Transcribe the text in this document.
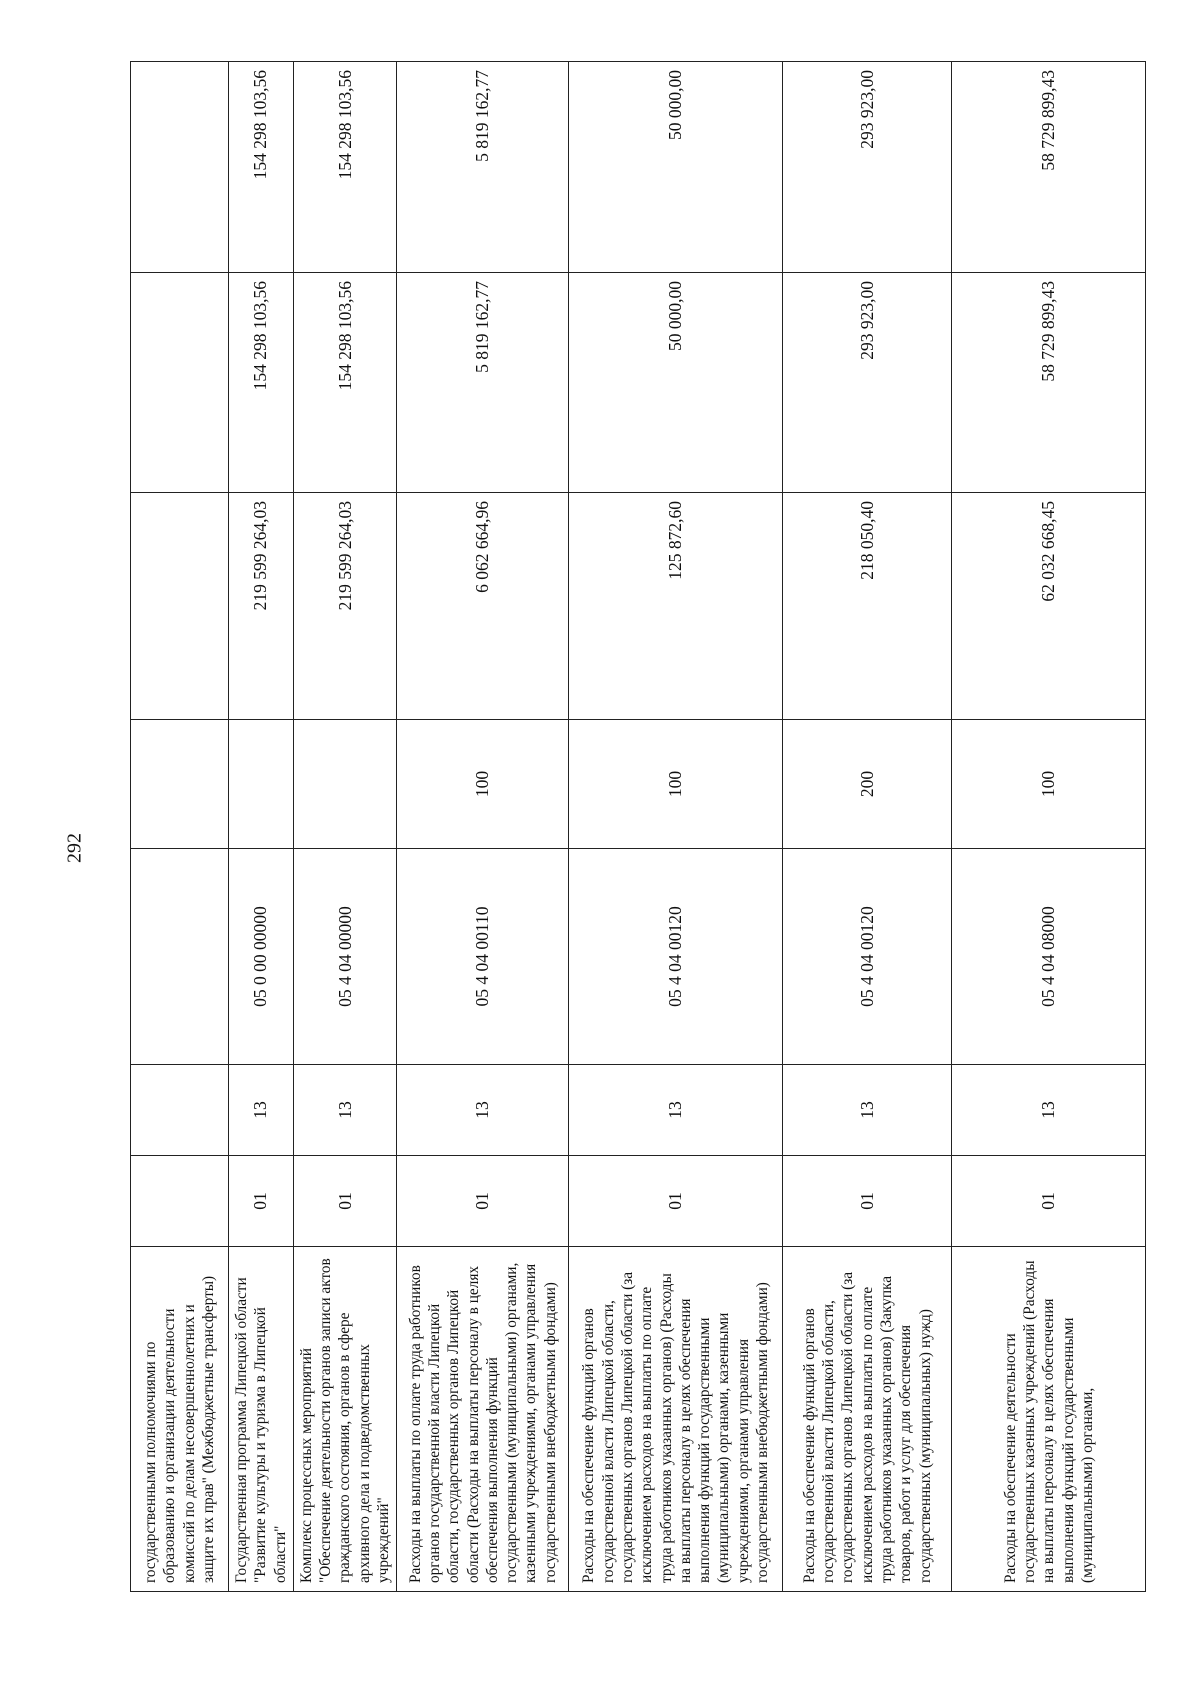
292
государственными полномочиями по образованию и организации деятельности комиссий по делам несовершеннолетних и защите их прав" (Межбюджетные трансферты)							
Государственная программа Липецкой области "Развитие культуры и туризма в Липецкой области"	01	13	05 0 00 00000		219 599 264,03	154 298 103,56	154 298 103,56
Комплекс процессных мероприятий "Обеспечение деятельности органов записи актов гражданского состояния, органов в сфере архивного дела и подведомственных учреждений"	01	13	05 4 04 00000		219 599 264,03	154 298 103,56	154 298 103,56
Расходы на выплаты по оплате труда работников органов государственной власти Липецкой области, государственных органов Липецкой области (Расходы на выплаты персоналу в целях обеспечения выполнения функций государственными (муниципальными) органами, казенными учреждениями, органами управления государственными внебюджетными фондами)	01	13	05 4 04 00110	100	6 062 664,96	5 819 162,77	5 819 162,77
Расходы на обеспечение функций органов государственной власти Липецкой области, государственных органов Липецкой области (за исключением расходов на выплаты по оплате труда работников указанных органов) (Расходы на выплаты персоналу в целях обеспечения выполнения функций государственными (муниципальными) органами, казенными учреждениями, органами управления государственными внебюджетными фондами)	01	13	05 4 04 00120	100	125 872,60	50 000,00	50 000,00
Расходы на обеспечение функций органов государственной власти Липецкой области, государственных органов Липецкой области (за исключением расходов на выплаты по оплате труда работников указанных органов) (Закупка товаров, работ и услуг для обеспечения государственных (муниципальных) нужд)	01	13	05 4 04 00120	200	218 050,40	293 923,00	293 923,00
Расходы на обеспечение деятельности государственных казенных учреждений (Расходы на выплаты персоналу в целях обеспечения выполнения функций государственными (муниципальными) органами,	01	13	05 4 04 08000	100	62 032 668,45	58 729 899,43	58 729 899,43
